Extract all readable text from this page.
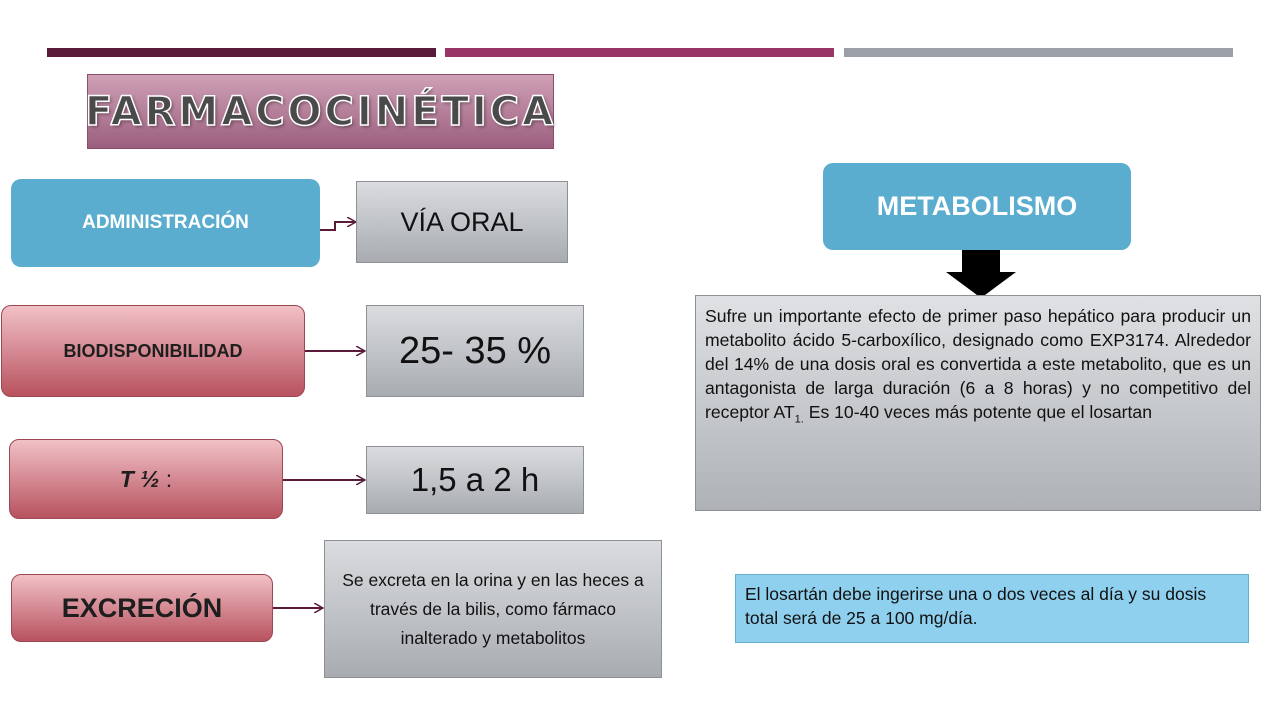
FARMACOCINÉTICA
ADMINISTRACIÓN	VÍA ORAL
BIODISPONIBILIDAD	25- 35 %
T ½ :	1,5 a 2 h
EXCRECIÓN
Se excreta en la orina y en las heces a través de la bilis, como fármaco inalterado y metabolitos
METABOLISMO
Sufre un importante efecto de primer paso hepático para producir un metabolito ácido 5-carboxílico, designado como EXP3174. Alrededor del 14% de una dosis oral es convertida a este metabolito, que es un antagonista de larga duración (6 a 8 horas) y no competitivo del receptor $AT_{1.}$ Es 10-40 veces más potente que el losartan
El losartán debe ingerirse una o dos veces al día y su dosis total será de 25 a 100 mg/día.
